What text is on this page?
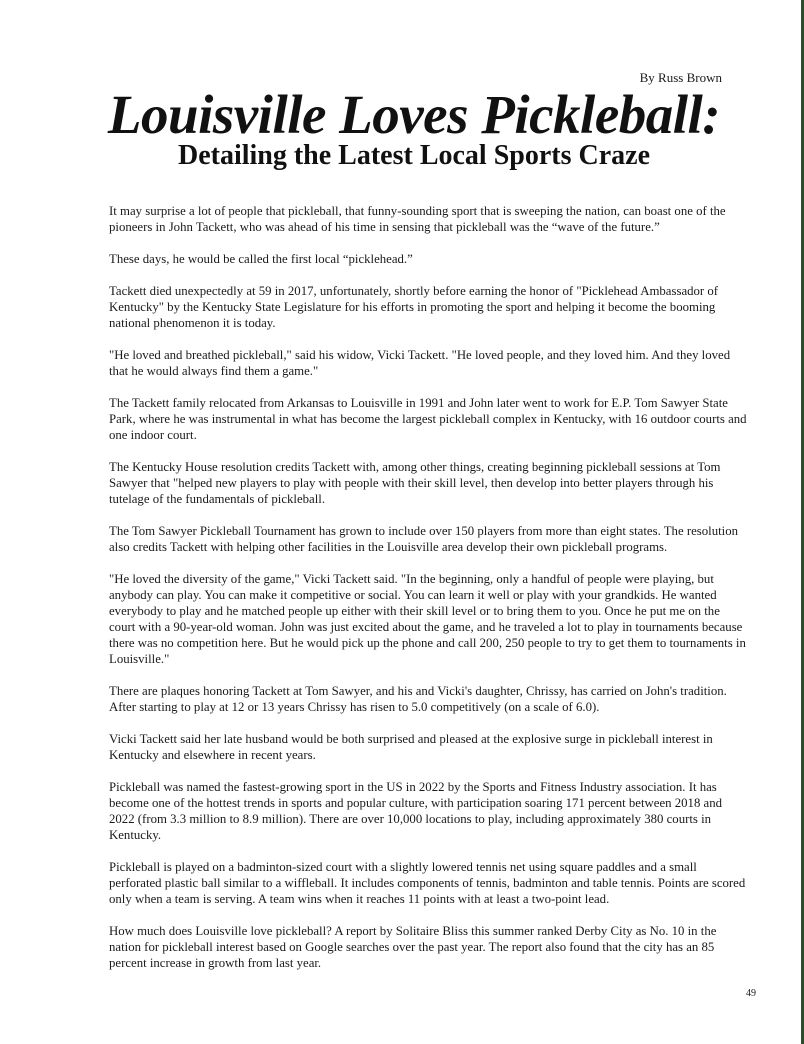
By Russ Brown
Louisville Loves Pickleball:
Detailing the Latest Local Sports Craze

It may surprise a lot of people that pickleball, that funny-sounding sport that is sweeping the nation, can boast one of the pioneers in John Tackett, who was ahead of his time in sensing that pickleball was the “wave of the future.”

These days, he would be called the first local “picklehead.”

Tackett died unexpectedly at 59 in 2017, unfortunately, shortly before earning the honor of "Picklehead Ambassador of Kentucky" by the Kentucky State Legislature for his efforts in promoting the sport and helping it become the booming national phenomenon it is today.

"He loved and breathed pickleball," said his widow, Vicki Tackett. "He loved people, and they loved him. And they loved that he would always find them a game."

The Tackett family relocated from Arkansas to Louisville in 1991 and John later went to work for E.P. Tom Sawyer State Park, where he was instrumental in what has become the largest pickleball complex in Kentucky, with 16 outdoor courts and one indoor court.

The Kentucky House resolution credits Tackett with, among other things, creating beginning pickleball sessions at Tom Sawyer that "helped new players to play with people with their skill level, then develop into better players through his tutelage of the fundamentals of pickleball.

The Tom Sawyer Pickleball Tournament has grown to include over 150 players from more than eight states. The resolution also credits Tackett with helping other facilities in the Louisville area develop their own pickleball programs.

"He loved the diversity of the game," Vicki Tackett said. "In the beginning, only a handful of people were playing, but anybody can play. You can make it competitive or social. You can learn it well or play with your grandkids. He wanted everybody to play and he matched people up either with their skill level or to bring them to you. Once he put me on the court with a 90-year-old woman. John was just excited about the game, and he traveled a lot to play in tournaments because there was no competition here. But he would pick up the phone and call 200, 250 people to try to get them to tournaments in Louisville."

There are plaques honoring Tackett at Tom Sawyer, and his and Vicki's daughter, Chrissy, has carried on John's tradition. After starting to play at 12 or 13 years Chrissy has risen to 5.0 competitively (on a scale of 6.0).

Vicki Tackett said her late husband would be both surprised and pleased at the explosive surge in pickleball interest in Kentucky and elsewhere in recent years.

Pickleball was named the fastest-growing sport in the US in 2022 by the Sports and Fitness Industry association. It has become one of the hottest trends in sports and popular culture, with participation soaring 171 percent between 2018 and 2022 (from 3.3 million to 8.9 million). There are over 10,000 locations to play, including approximately 380 courts in Kentucky.

Pickleball is played on a badminton-sized court with a slightly lowered tennis net using square paddles and a small perforated plastic ball similar to a wiffleball. It includes components of tennis, badminton and table tennis. Points are scored only when a team is serving. A team wins when it reaches 11 points with at least a two-point lead.

How much does Louisville love pickleball? A report by Solitaire Bliss this summer ranked Derby City as No. 10 in the nation for pickleball interest based on Google searches over the past year. The report also found that the city has an 85 percent increase in growth from last year.

49
